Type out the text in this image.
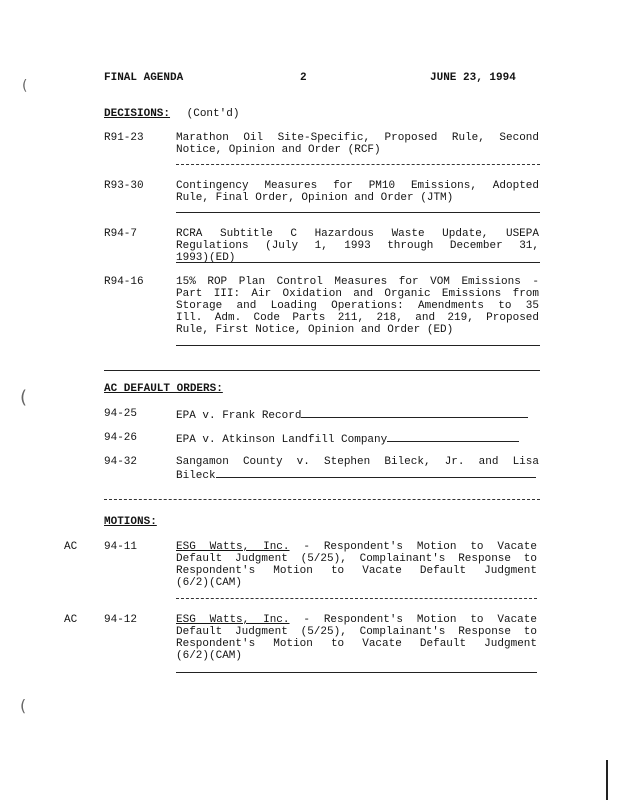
(
(
(
FINAL AGENDA	2	JUNE 23, 1994
DECISIONS: (Cont'd)
R91-23	Marathon Oil Site-Specific, Proposed Rule, Second
Notice, Opinion and Order (RCF)
R93-30	Contingency Measures for PM10 Emissions, Adopted
Rule, Final Order, Opinion and Order (JTM)
R94-7	RCRA Subtitle C Hazardous Waste Update, USEPA
Regulations (July 1, 1993 through December 31,
1993)(ED)
R94-16	15% ROP Plan Control Measures for VOM Emissions -
Part III: Air Oxidation and Organic Emissions from
Storage and Loading Operations: Amendments to 35
Ill. Adm. Code Parts 211, 218, and 219, Proposed
Rule, First Notice, Opinion and Order (ED)
AC DEFAULT ORDERS:
94-25	EPA v. Frank Record
94-26	EPA v. Atkinson Landfill Company
94-32	Sangamon County v. Stephen Bileck, Jr. and Lisa
Bileck
MOTIONS:
AC 94-11	ESG Watts, Inc. - Respondent's Motion to Vacate
Default Judgment (5/25), Complainant's Response to
Respondent's Motion to Vacate Default Judgment
(6/2)(CAM)
AC 94-12	ESG Watts, Inc. - Respondent's Motion to Vacate
Default Judgment (5/25), Complainant's Response to
Respondent's Motion to Vacate Default Judgment
(6/2)(CAM)
